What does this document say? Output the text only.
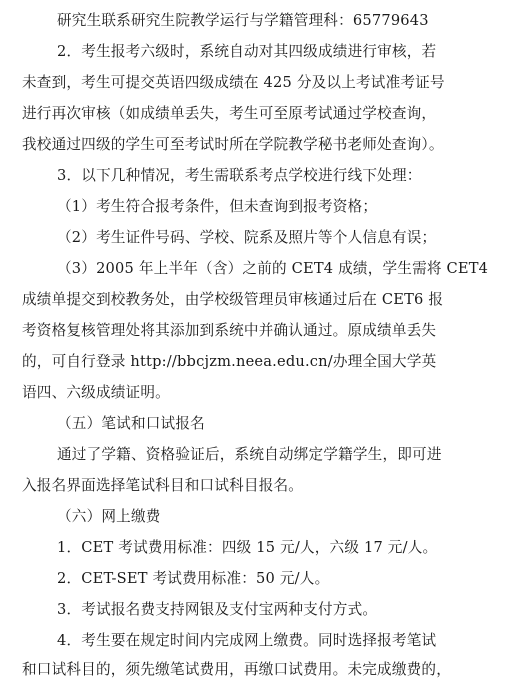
研究生联系研究生院教学运行与学籍管理科：65779643
2．考生报考六级时，系统自动对其四级成绩进行审核，若
未查到，考生可提交英语四级成绩在 425 分及以上考试准考证号
进行再次审核（如成绩单丢失，考生可至原考试通过学校查询，
我校通过四级的学生可至考试时所在学院教学秘书老师处查询）。
3．以下几种情况，考生需联系考点学校进行线下处理：
（1）考生符合报考条件，但未查询到报考资格；
（2）考生证件号码、学校、院系及照片等个人信息有误；
（3）2005 年上半年（含）之前的 CET4 成绩，学生需将 CET4
成绩单提交到校教务处，由学校级管理员审核通过后在 CET6 报
考资格复核管理处将其添加到系统中并确认通过。原成绩单丢失
的，可自行登录 http://bbcjzm.neea.edu.cn/办理全国大学英
语四、六级成绩证明。
（五）笔试和口试报名
通过了学籍、资格验证后，系统自动绑定学籍学生，即可进
入报名界面选择笔试科目和口试科目报名。
（六）网上缴费
1．CET 考试费用标准：四级 15 元/人，六级 17 元/人。
2．CET-SET 考试费用标准：50 元/人。
3．考试报名费支持网银及支付宝两种支付方式。
4．考生要在规定时间内完成网上缴费。同时选择报考笔试
和口试科目的，须先缴笔试费用，再缴口试费用。未完成缴费的，
